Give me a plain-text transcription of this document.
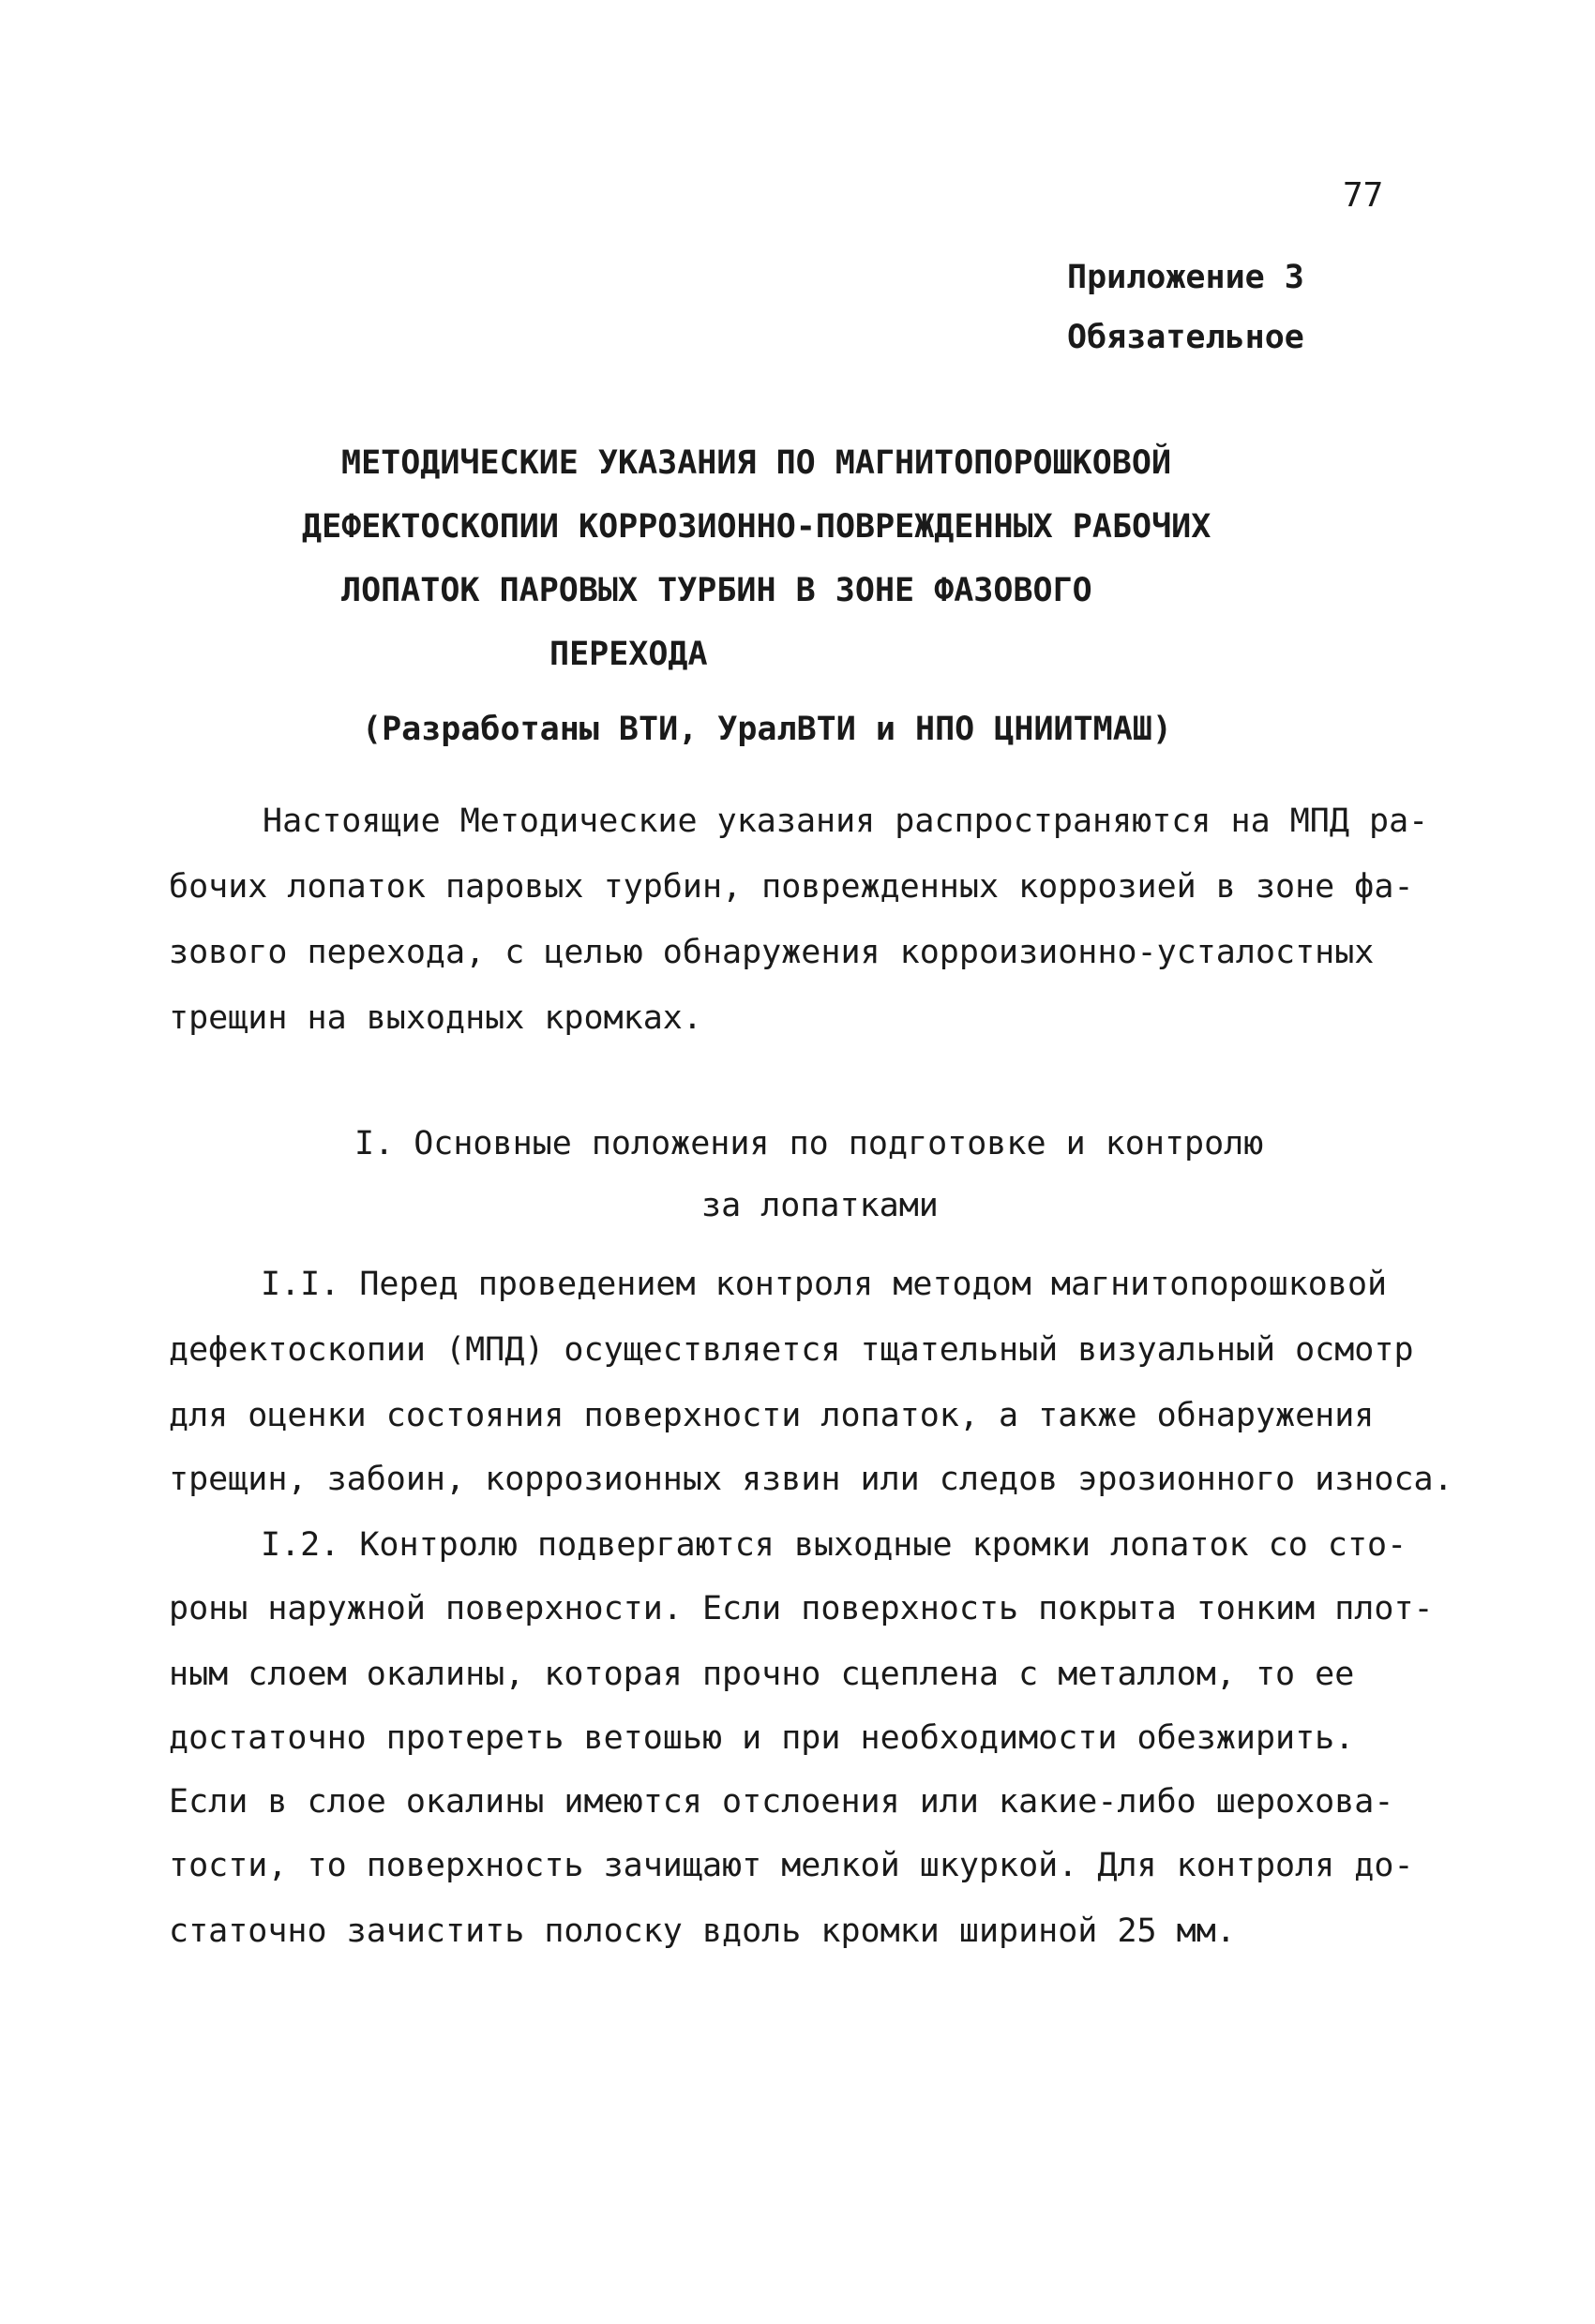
77
Приложение 3
Обязательное
МЕТОДИЧЕСКИЕ УКАЗАНИЯ ПО МАГНИТОПОРОШКОВОЙ
ДЕФЕКТОСКОПИИ КОРРОЗИОННО-ПОВРЕЖДЕННЫХ РАБОЧИХ
ЛОПАТОК ПАРОВЫХ ТУРБИН В ЗОНЕ ФАЗОВОГО
ПЕРЕХОДА
(Разработаны ВТИ, УралВТИ и НПО ЦНИИТМАШ)
Настоящие Методические указания распространяются на МПД ра-
бочих лопаток паровых турбин, поврежденных коррозией в зоне фа-
зового перехода, с целью обнаружения корроизионно-усталостных
трещин на выходных кромках.
I. Основные положения по подготовке и контролю
за лопатками
I.I. Перед проведением контроля методом магнитопорошковой
дефектоскопии (МПД) осуществляется тщательный визуальный осмотр
для оценки состояния поверхности лопаток, а также обнаружения
трещин, забоин, коррозионных язвин или следов эрозионного износа.
I.2. Контролю подвергаются выходные кромки лопаток со сто-
роны наружной поверхности. Если поверхность покрыта тонким плот-
ным слоем окалины, которая прочно сцеплена с металлом, то ее
достаточно протереть ветошью и при необходимости обезжирить.
Если в слое окалины имеются отслоения или какие-либо шерохова-
тости, то поверхность зачищают мелкой шкуркой. Для контроля до-
статочно зачистить полоску вдоль кромки шириной 25 мм.
